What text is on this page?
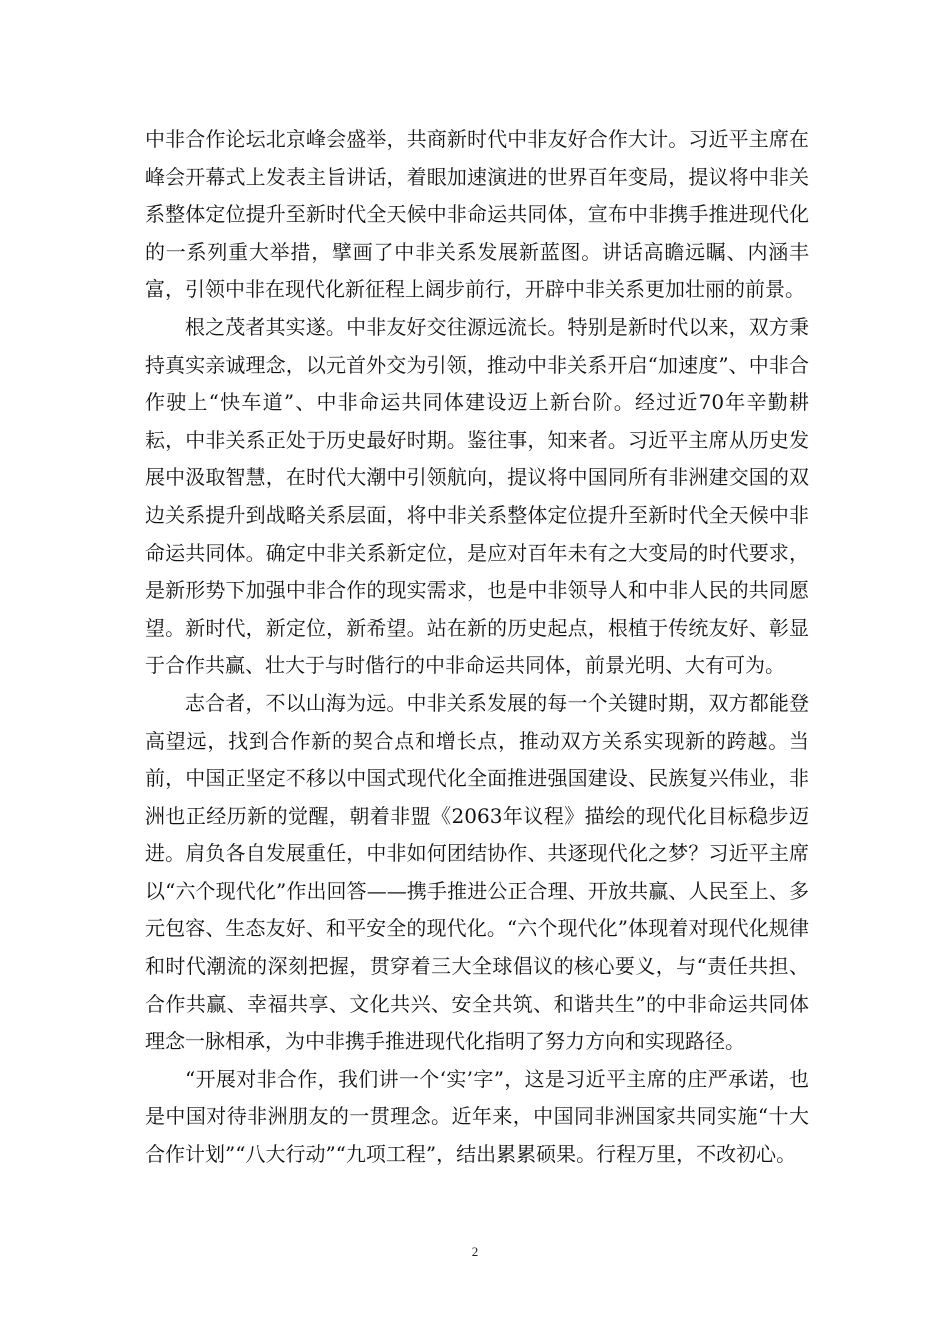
中非合作论坛北京峰会盛举，共商新时代中非友好合作大计。习近平主席在峰会开幕式上发表主旨讲话，着眼加速演进的世界百年变局，提议将中非关系整体定位提升至新时代全天候中非命运共同体，宣布中非携手推进现代化的一系列重大举措，擘画了中非关系发展新蓝图。讲话高瞻远瞩、内涵丰富，引领中非在现代化新征程上阔步前行，开辟中非关系更加壮丽的前景。

根之茂者其实遂。中非友好交往源远流长。特别是新时代以来，双方秉持真实亲诚理念，以元首外交为引领，推动中非关系开启“加速度”、中非合作驶上“快车道”、中非命运共同体建设迈上新台阶。经过近70年辛勤耕耘，中非关系正处于历史最好时期。鉴往事，知来者。习近平主席从历史发展中汲取智慧，在时代大潮中引领航向，提议将中国同所有非洲建交国的双边关系提升到战略关系层面，将中非关系整体定位提升至新时代全天候中非命运共同体。确定中非关系新定位，是应对百年未有之大变局的时代要求，是新形势下加强中非合作的现实需求，也是中非领导人和中非人民的共同愿望。新时代，新定位，新希望。站在新的历史起点，根植于传统友好、彰显于合作共赢、壮大于与时偕行的中非命运共同体，前景光明、大有可为。

志合者，不以山海为远。中非关系发展的每一个关键时期，双方都能登高望远，找到合作新的契合点和增长点，推动双方关系实现新的跨越。当前，中国正坚定不移以中国式现代化全面推进强国建设、民族复兴伟业，非洲也正经历新的觉醒，朝着非盟《2063年议程》描绘的现代化目标稳步迈进。肩负各自发展重任，中非如何团结协作、共逐现代化之梦？习近平主席以“六个现代化”作出回答——携手推进公正合理、开放共赢、人民至上、多元包容、生态友好、和平安全的现代化。“六个现代化”体现着对现代化规律和时代潮流的深刻把握，贯穿着三大全球倡议的核心要义，与“责任共担、合作共赢、幸福共享、文化共兴、安全共筑、和谐共生”的中非命运共同体理念一脉相承，为中非携手推进现代化指明了努力方向和实现路径。

“开展对非合作，我们讲一个‘实’字”，这是习近平主席的庄严承诺，也是中国对待非洲朋友的一贯理念。近年来，中国同非洲国家共同实施“十大合作计划”“八大行动”“九项工程”，结出累累硕果。行程万里，不改初心。

2
